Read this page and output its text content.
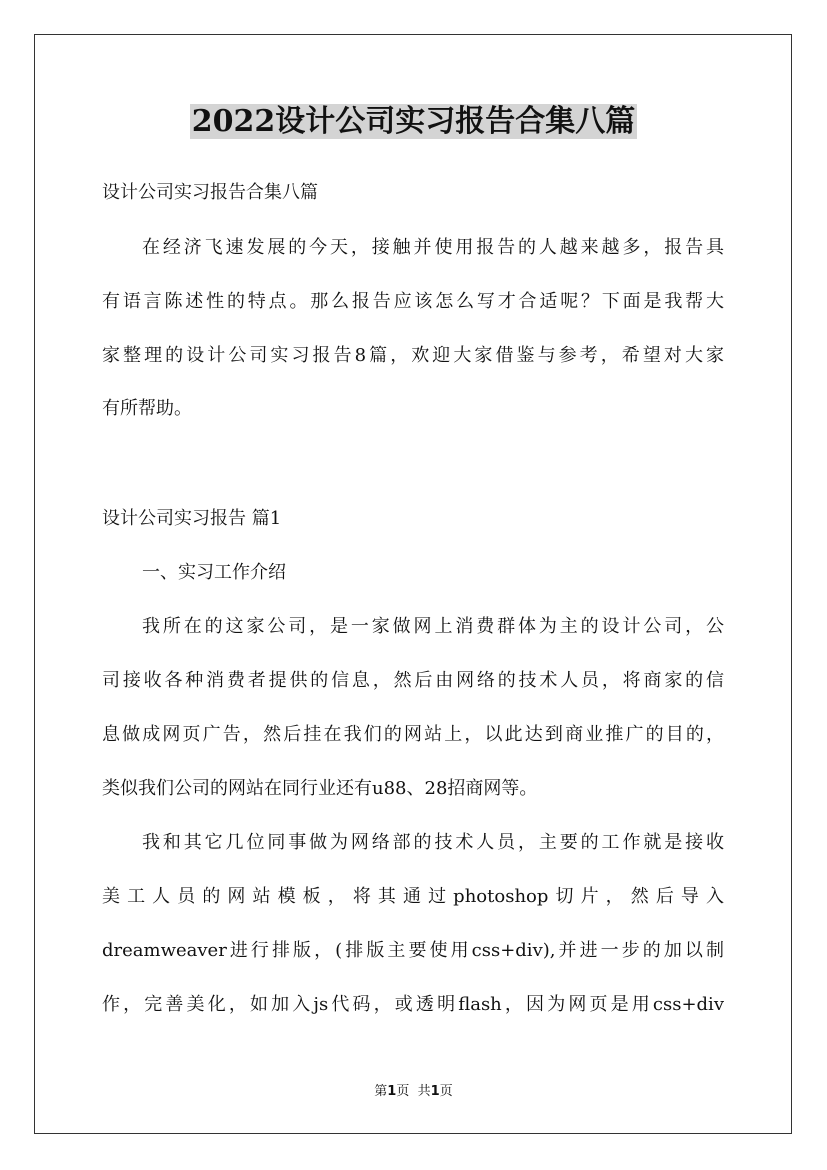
2022设计公司实习报告合集八篇
设计公司实习报告合集八篇
在经济飞速发展的今天，接触并使用报告的人越来越多，报告具
有语言陈述性的特点。那么报告应该怎么写才合适呢？下面是我帮大
家整理的设计公司实习报告8篇，欢迎大家借鉴与参考，希望对大家
有所帮助。
设计公司实习报告 篇1
一、实习工作介绍
我所在的这家公司，是一家做网上消费群体为主的设计公司，公
司接收各种消费者提供的信息，然后由网络的技术人员，将商家的信
息做成网页广告，然后挂在我们的网站上，以此达到商业推广的目的，
类似我们公司的网站在同行业还有u88、28招商网等。
我和其它几位同事做为网络部的技术人员，主要的工作就是接收
美工人员的网站模板，将其通过photoshop切片，然后导入
dreamweaver进行排版，(排版主要使用css+div),并进一步的加以制
作，完善美化，如加入js代码，或透明flash，因为网页是用css+div
第1页 共1页
